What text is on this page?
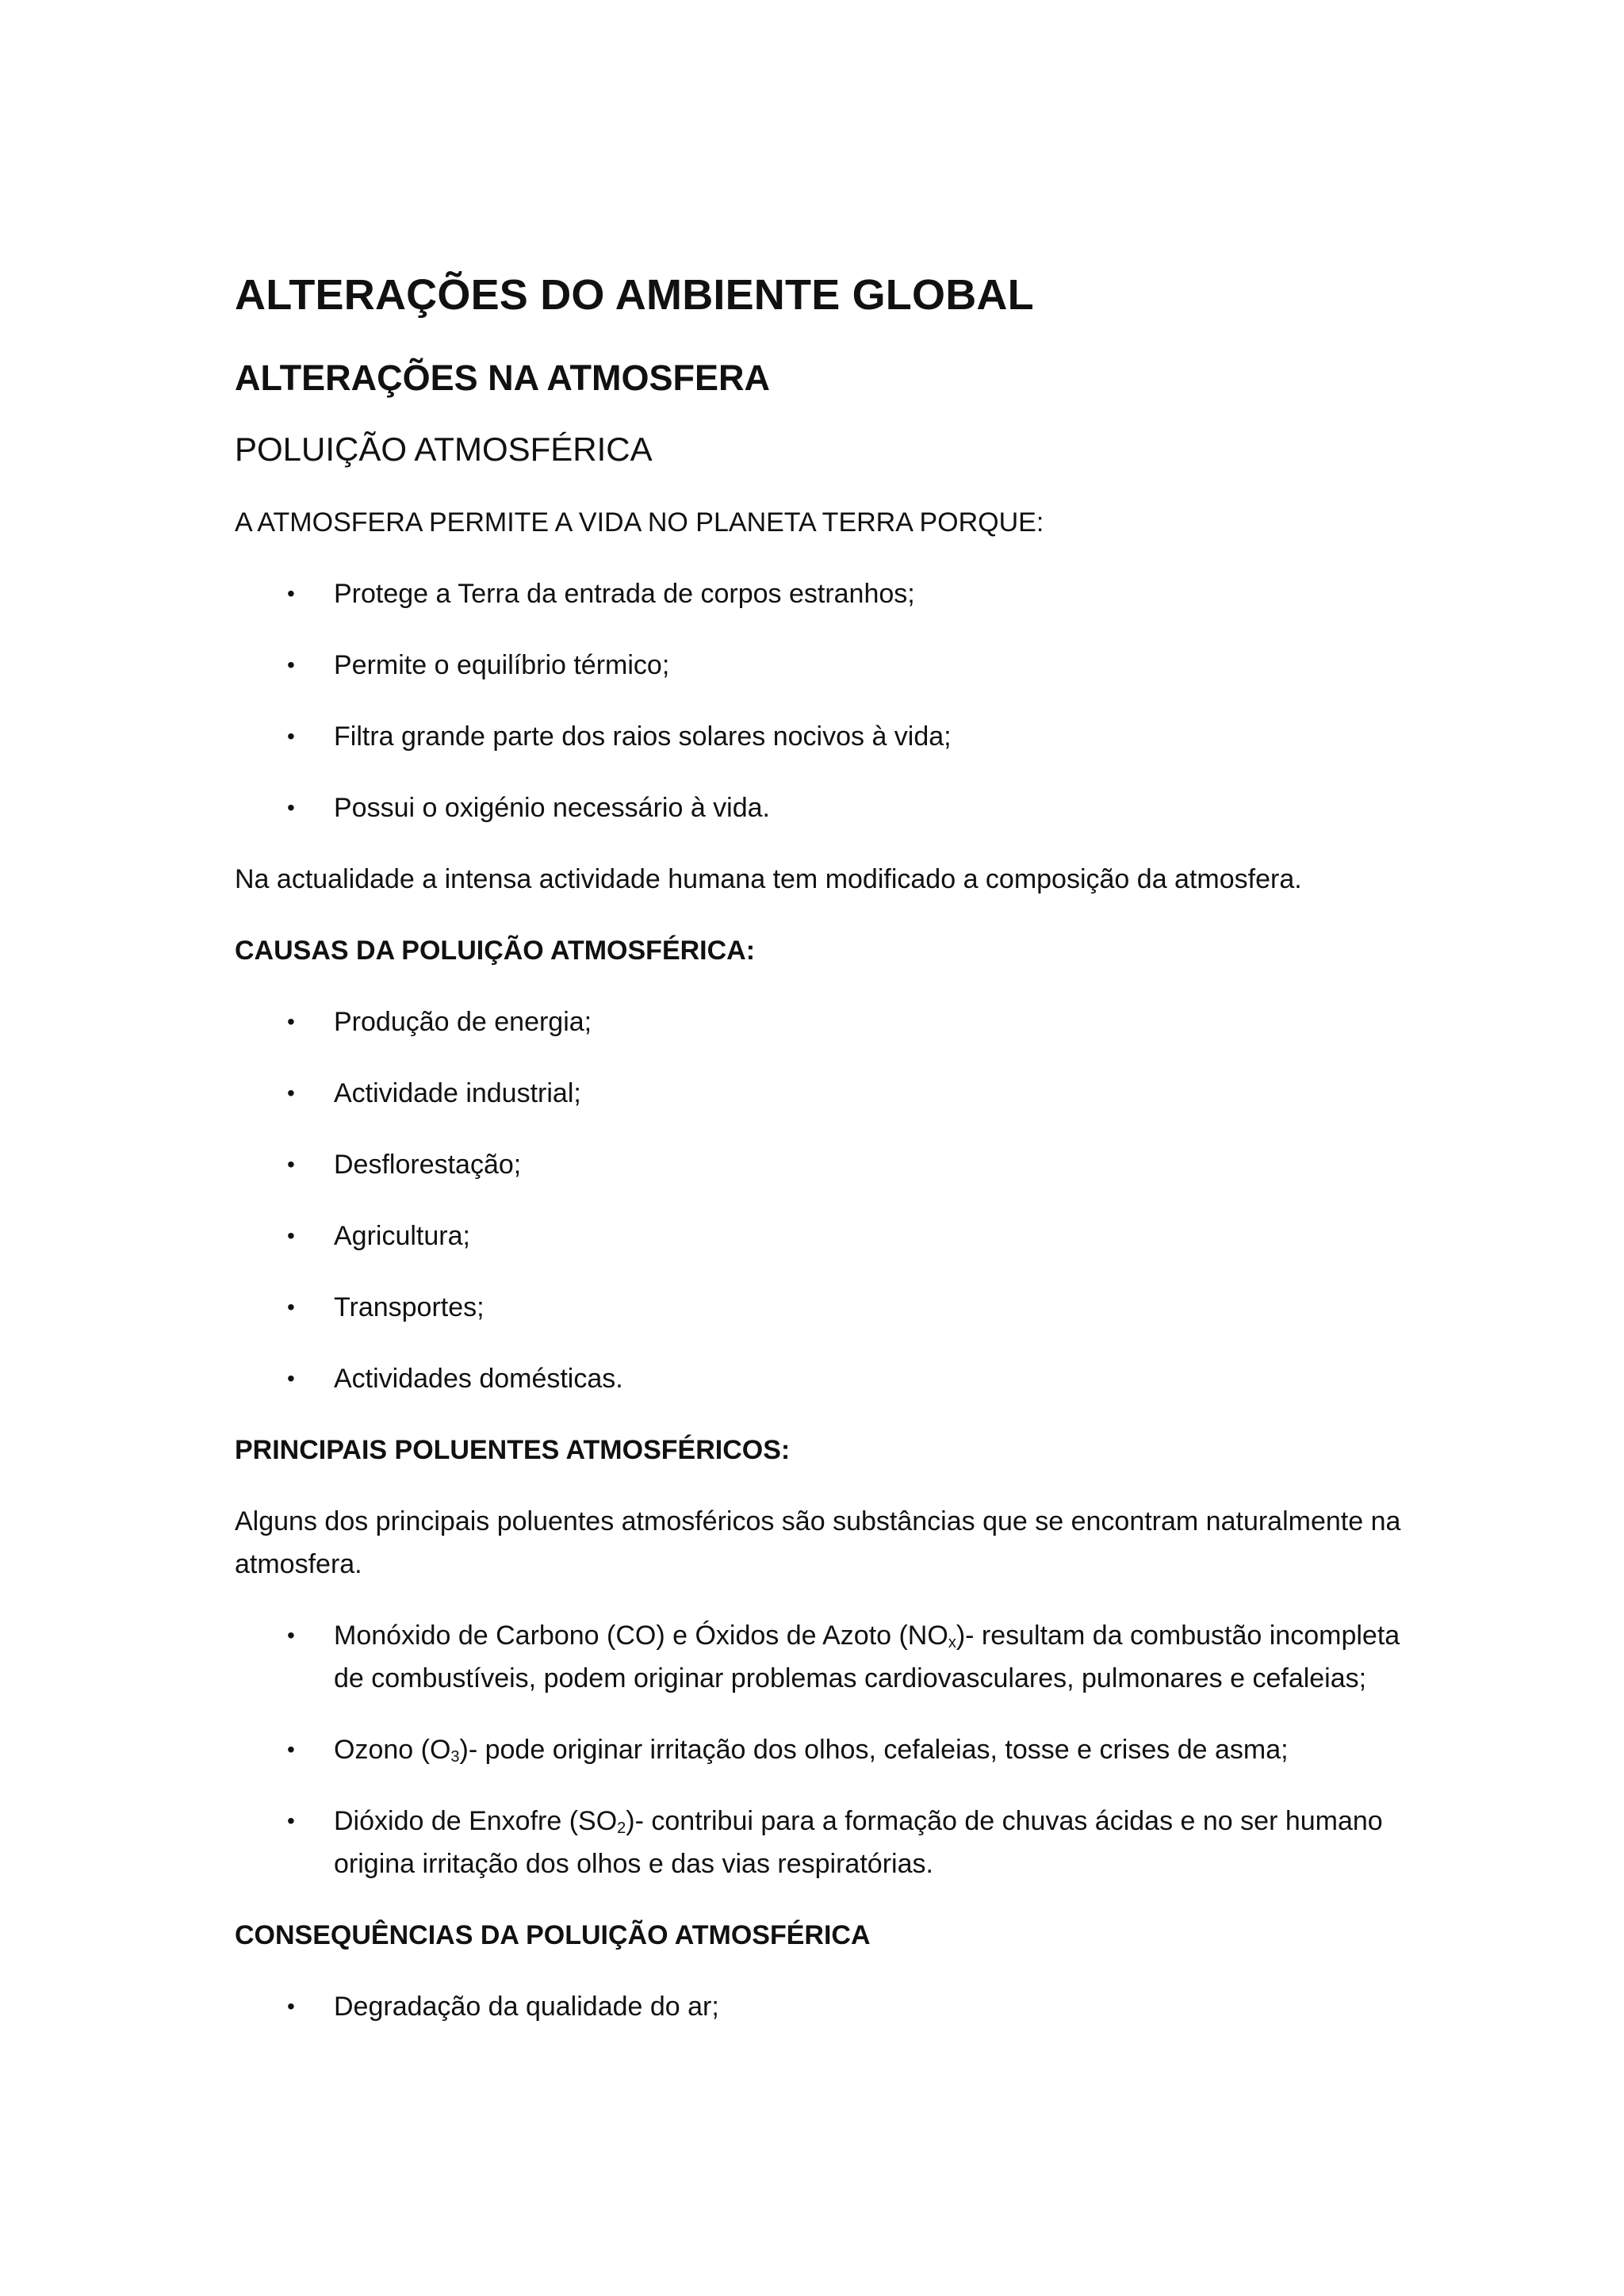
ALTERAÇÕES DO AMBIENTE GLOBAL
ALTERAÇÕES NA ATMOSFERA
POLUIÇÃO ATMOSFÉRICA

A ATMOSFERA PERMITE A VIDA NO PLANETA TERRA PORQUE:

• Protege a Terra da entrada de corpos estranhos;
• Permite o equilíbrio térmico;
• Filtra grande parte dos raios solares nocivos à vida;
• Possui o oxigénio necessário à vida.

Na actualidade a intensa actividade humana tem modificado a composição da atmosfera.

CAUSAS DA POLUIÇÃO ATMOSFÉRICA:

• Produção de energia;
• Actividade industrial;
• Desflorestação;
• Agricultura;
• Transportes;
• Actividades domésticas.

PRINCIPAIS POLUENTES ATMOSFÉRICOS:

Alguns dos principais poluentes atmosféricos são substâncias que se encontram naturalmente na atmosfera.

• Monóxido de Carbono (CO) e Óxidos de Azoto $(NO_x)-$ resultam da combustão incompleta de combustíveis, podem originar problemas cardiovasculares, pulmonares e cefaleias;
• Ozono $(O_3)-$ pode originar irritação dos olhos, cefaleias, tosse e crises de asma;
• Dióxido de Enxofre $(SO_2)-$ contribui para a formação de chuvas ácidas e no ser humano origina irritação dos olhos e das vias respiratórias.

CONSEQUÊNCIAS DA POLUIÇÃO ATMOSFÉRICA

• Degradação da qualidade do ar;
